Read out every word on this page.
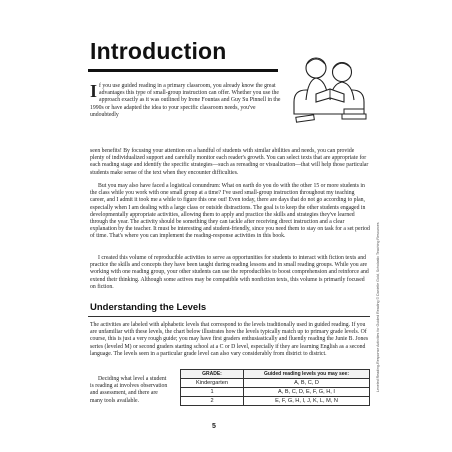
Introduction
If you use guided reading in a primary classroom, you already know the great advantages this type of small-group instruction can offer. Whether you use the approach exactly as it was outlined by Irene Fountas and Guy Su Pinnell in the 1990s or have adapted the idea to your specific classroom needs, you've undoubtedly
seen benefits! By focusing your attention on a handful of students with similar abilities and needs, you can provide plenty of individualized support and carefully monitor each reader's growth. You can select texts that are appropriate for each reading stage and identify the specific strategies—such as rereading or visualization—that will help those particular students make sense of the text when they encounter difficulties.
But you may also have faced a logistical conundrum: What on earth do you do with the other 15 or more students in the class while you work with one small group at a time? I've used small-group instruction throughout my teaching career, and I admit it took me a while to figure this one out! Even today, there are days that do not go according to plan, especially when I am dealing with a large class or outside distractions. The goal is to keep the other students engaged in developmentally appropriate activities, allowing them to apply and practice the skills and strategies they've learned through the year. The activity should be something they can tackle after receiving direct instruction and a clear explanation by the teacher. It must be interesting and student-friendly, since you need them to stay on task for a set period of time. That's where you can implement the reading-response activities in this book.
I created this volume of reproducible activities to serve as opportunities for students to interact with fiction texts and practice the skills and concepts they have been taught during reading lessons and in small reading groups. While you are working with one reading group, your other students can use the reproducibles to boost comprehension and reinforce and extend their thinking. Although some actives may be compatible with nonfiction texts, this volume is primarily focused on fiction.
Understanding the Levels
The activities are labeled with alphabetic levels that correspond to the levels traditionally used in guided reading. If you are unfamiliar with these levels, the chart below illustrates how the levels typically match up to primary grade levels. Of course, this is just a very rough guide; you may have first graders enthusiastically and fluently reading the Junie B. Jones series (leveled M) or second graders starting school at a C or D level, especially if they are learning English as a second language. The levels seen in a particular grade level can also vary considerably from district to district.
Deciding what level a student is reading at involves observation and assessment, and there are many tools available.
GRADE:	Guided reading levels you may see:
Kindergarten	A, B, C, D
1	A, B, C, D, E, F, G, H, I
2	E, F, G, H, I, J, K, L, M, N
5
Leveled Reading-Response Activities for Guided Reading © Danielle Gold, Scholastic Teaching Resources
